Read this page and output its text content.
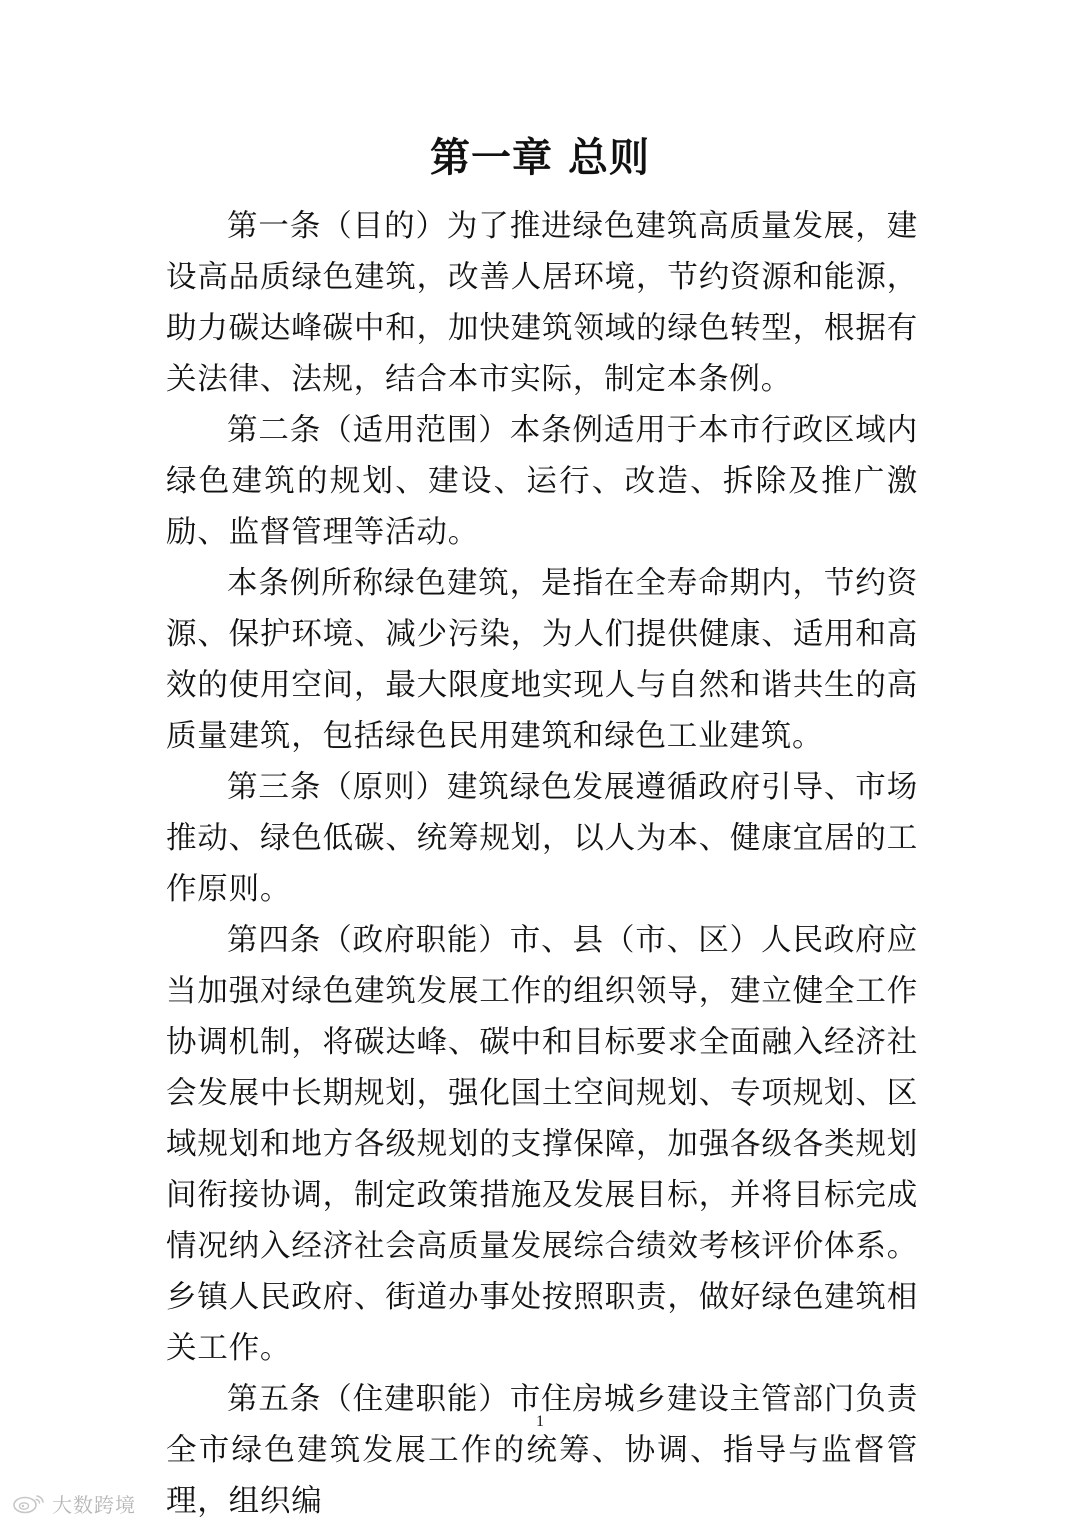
第一章 总则

第一条（目的）为了推进绿色建筑高质量发展，建设高品质绿色建筑，改善人居环境，节约资源和能源，助力碳达峰碳中和，加快建筑领域的绿色转型，根据有关法律、法规，结合本市实际，制定本条例。

第二条（适用范围）本条例适用于本市行政区域内绿色建筑的规划、建设、运行、改造、拆除及推广激励、监督管理等活动。

本条例所称绿色建筑，是指在全寿命期内，节约资源、保护环境、减少污染，为人们提供健康、适用和高效的使用空间，最大限度地实现人与自然和谐共生的高质量建筑，包括绿色民用建筑和绿色工业建筑。

第三条（原则）建筑绿色发展遵循政府引导、市场推动、绿色低碳、统筹规划，以人为本、健康宜居的工作原则。

第四条（政府职能）市、县（市、区）人民政府应当加强对绿色建筑发展工作的组织领导，建立健全工作协调机制，将碳达峰、碳中和目标要求全面融入经济社会发展中长期规划，强化国土空间规划、专项规划、区域规划和地方各级规划的支撑保障，加强各级各类规划间衔接协调，制定政策措施及发展目标，并将目标完成情况纳入经济社会高质量发展综合绩效考核评价体系。乡镇人民政府、街道办事处按照职责，做好绿色建筑相关工作。

第五条（住建职能）市住房城乡建设主管部门负责全市绿色建筑发展工作的统筹、协调、指导与监督管理，组织编

1
大数跨境
